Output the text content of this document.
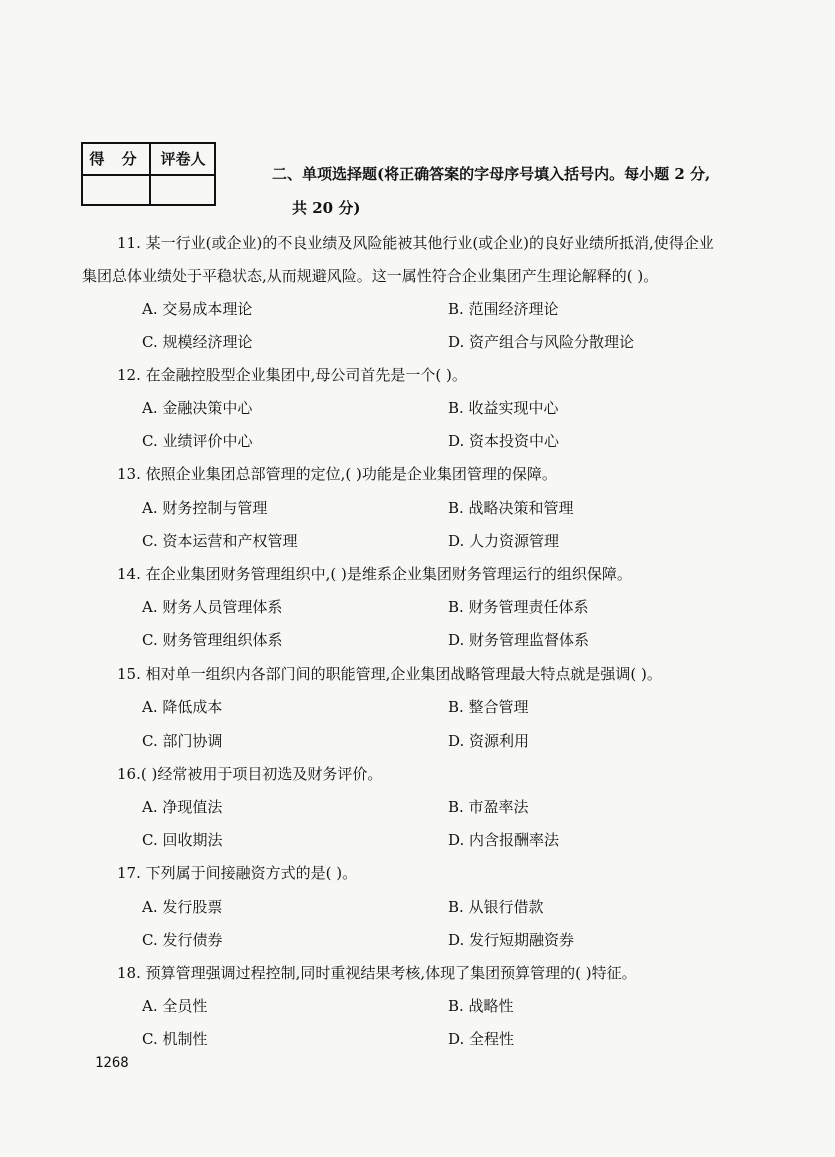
得 分	评卷人
二、单项选择题(将正确答案的字母序号填入括号内。每小题 2 分,
共 20 分)
11. 某一行业(或企业)的不良业绩及风险能被其他行业(或企业)的良好业绩所抵消,使得企业
集团总体业绩处于平稳状态,从而规避风险。这一属性符合企业集团产生理论解释的( )。
A. 交易成本理论	B. 范围经济理论
C. 规模经济理论	D. 资产组合与风险分散理论
12. 在金融控股型企业集团中,母公司首先是一个( )。
A. 金融决策中心	B. 收益实现中心
C. 业绩评价中心	D. 资本投资中心
13. 依照企业集团总部管理的定位,( )功能是企业集团管理的保障。
A. 财务控制与管理	B. 战略决策和管理
C. 资本运营和产权管理	D. 人力资源管理
14. 在企业集团财务管理组织中,( )是维系企业集团财务管理运行的组织保障。
A. 财务人员管理体系	B. 财务管理责任体系
C. 财务管理组织体系	D. 财务管理监督体系
15. 相对单一组织内各部门间的职能管理,企业集团战略管理最大特点就是强调( )。
A. 降低成本	B. 整合管理
C. 部门协调	D. 资源利用
16.( )经常被用于项目初选及财务评价。
A. 净现值法	B. 市盈率法
C. 回收期法	D. 内含报酬率法
17. 下列属于间接融资方式的是( )。
A. 发行股票	B. 从银行借款
C. 发行债券	D. 发行短期融资券
18. 预算管理强调过程控制,同时重视结果考核,体现了集团预算管理的( )特征。
A. 全员性	B. 战略性
C. 机制性	D. 全程性
1268
